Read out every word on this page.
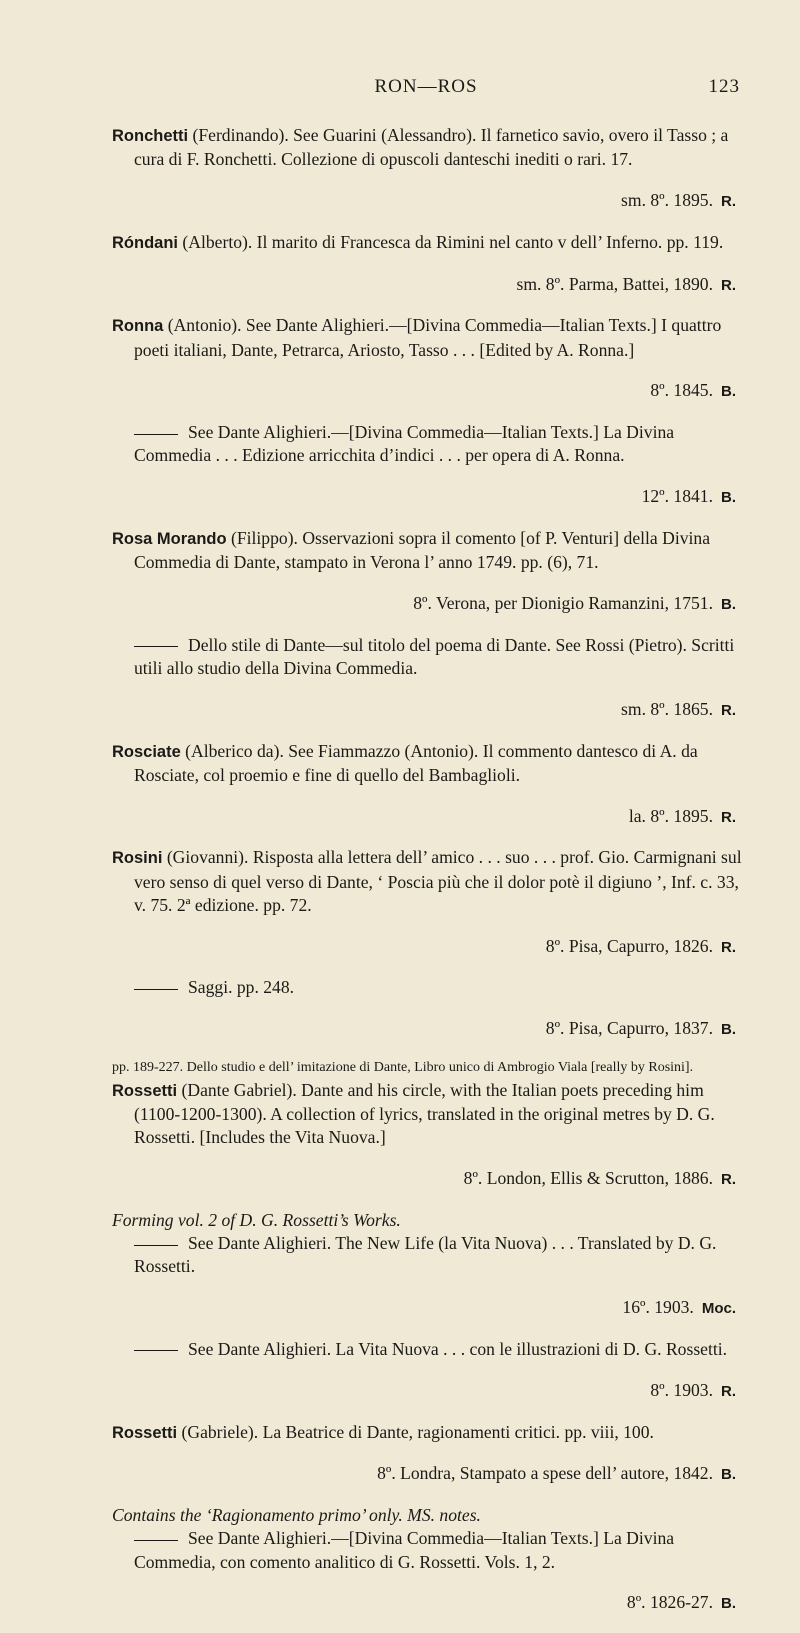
RON—ROS	123

Ronchetti (Ferdinando). See Guarini (Alessandro). Il farnetico savio, overo il Tasso ; a cura di F. Ronchetti. Collezione di opuscoli danteschi inediti o rari. 17.

sm. 8º. 1895. R.

Róndani (Alberto). Il marito di Francesca da Rimini nel canto v dell’ Inferno. pp. 119.

sm. 8º. Parma, Battei, 1890. R.

Ronna (Antonio). See Dante Alighieri.—[Divina Commedia—Italian Texts.] I quattro poeti italiani, Dante, Petrarca, Ariosto, Tasso . . . [Edited by A. Ronna.]

8º. 1845. B.

See Dante Alighieri.—[Divina Commedia—Italian Texts.] La Divina Commedia . . . Edizione arricchita d’indici . . . per opera di A. Ronna.

12º. 1841. B.

Rosa Morando (Filippo). Osservazioni sopra il comento [of P. Venturi] della Divina Commedia di Dante, stampato in Verona l’ anno 1749. pp. (6), 71.

8º. Verona, per Dionigio Ramanzini, 1751. B.

Dello stile di Dante—sul titolo del poema di Dante. See Rossi (Pietro). Scritti utili allo studio della Divina Commedia.

sm. 8º. 1865. R.

Rosciate (Alberico da). See Fiammazzo (Antonio). Il commento dantesco di A. da Rosciate, col proemio e fine di quello del Bambaglioli.

la. 8º. 1895. R.

Rosini (Giovanni). Risposta alla lettera dell’ amico . . . suo . . . prof. Gio. Carmignani sul vero senso di quel verso di Dante, ‘ Poscia più che il dolor potè il digiuno ’, Inf. c. 33, v. 75. 2ª edizione. pp. 72.

8º. Pisa, Capurro, 1826. R.

Saggi. pp. 248.

8º. Pisa, Capurro, 1837. B.

pp. 189-227. Dello studio e dell’ imitazione di Dante, Libro unico di Ambrogio Viala [really by Rosini].

Rossetti (Dante Gabriel). Dante and his circle, with the Italian poets preceding him (1100-1200-1300). A collection of lyrics, translated in the original metres by D. G. Rossetti. [Includes the Vita Nuova.]

8º. London, Ellis & Scrutton, 1886. R.

Forming vol. 2 of D. G. Rossetti’s Works.

See Dante Alighieri. The New Life (la Vita Nuova) . . . Translated by D. G. Rossetti.

16º. 1903. Moc.

See Dante Alighieri. La Vita Nuova . . . con le illustrazioni di D. G. Rossetti.

8º. 1903. R.

Rossetti (Gabriele). La Beatrice di Dante, ragionamenti critici. pp. viii, 100.

8º. Londra, Stampato a spese dell’ autore, 1842. B.

Contains the ‘Ragionamento primo’ only. MS. notes.

See Dante Alighieri.—[Divina Commedia—Italian Texts.] La Divina Commedia, con comento analitico di G. Rossetti. Vols. 1, 2.

8º. 1826-27. B.
